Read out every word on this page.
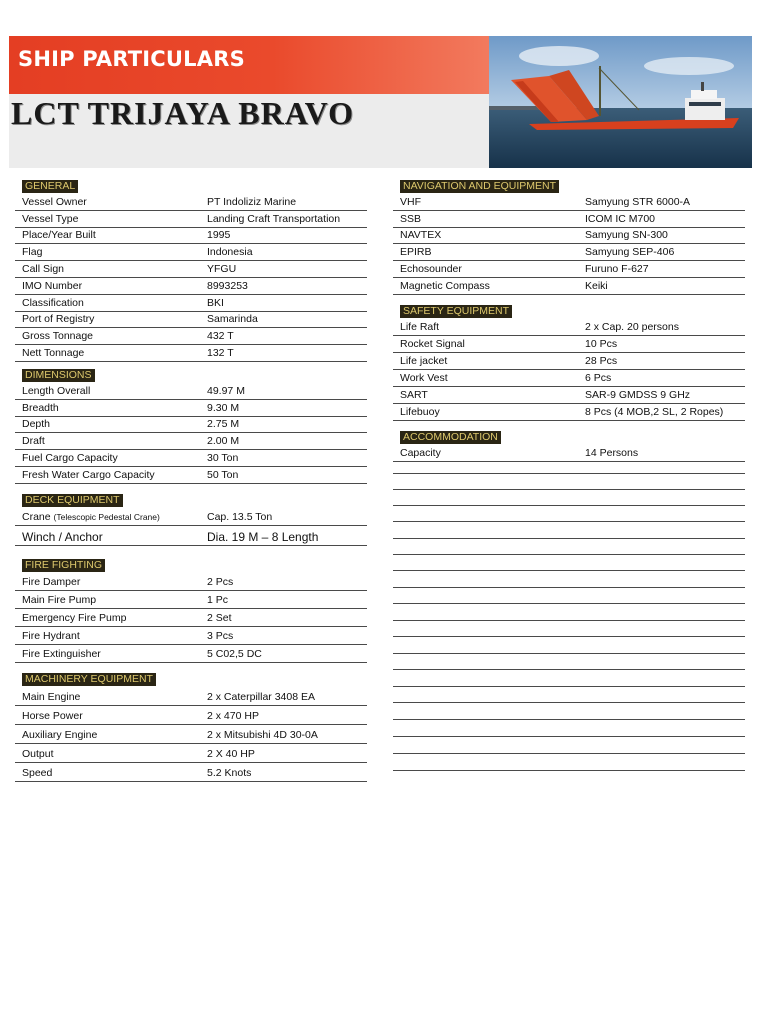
SHIP PARTICULARS
LCT TRIJAYA BRAVO
GENERAL
Vessel Owner	PT Indoliziz Marine
Vessel Type	Landing Craft Transportation
Place/Year Built	1995
Flag	Indonesia
Call Sign	YFGU
IMO Number	8993253
Classification	BKI
Port of Registry	Samarinda
Gross Tonnage	432 T
Nett Tonnage	132 T
DIMENSIONS
Length Overall	49.97 M
Breadth	9.30 M
Depth	2.75 M
Draft	2.00 M
Fuel Cargo Capacity	30 Ton
Fresh Water Cargo Capacity	50 Ton
DECK EQUIPMENT
Crane (Telescopic Pedestal Crane)	Cap. 13.5 Ton
Winch / Anchor	Dia. 19 M – 8 Length
FIRE FIGHTING
Fire Damper	2 Pcs
Main Fire Pump	1 Pc
Emergency Fire Pump	2 Set
Fire Hydrant	3 Pcs
Fire Extinguisher	5 C02,5 DC
MACHINERY EQUIPMENT
Main Engine	2 x Caterpillar 3408 EA
Horse Power	2 x 470 HP
Auxiliary Engine	2 x Mitsubishi 4D 30-0A
Output	2 X 40 HP
Speed	5.2 Knots
NAVIGATION AND EQUIPMENT
VHF	Samyung STR 6000-A
SSB	ICOM IC M700
NAVTEX	Samyung SN-300
EPIRB	Samyung SEP-406
Echosounder	Furuno F-627
Magnetic Compass	Keiki
SAFETY EQUIPMENT
Life Raft	2 x Cap. 20 persons
Rocket Signal	10 Pcs
Life jacket	28 Pcs
Work Vest	6 Pcs
SART	SAR-9 GMDSS 9 GHz
Lifebuoy	8 Pcs (4 MOB,2 SL, 2 Ropes)
ACCOMMODATION
Capacity	14 Persons
